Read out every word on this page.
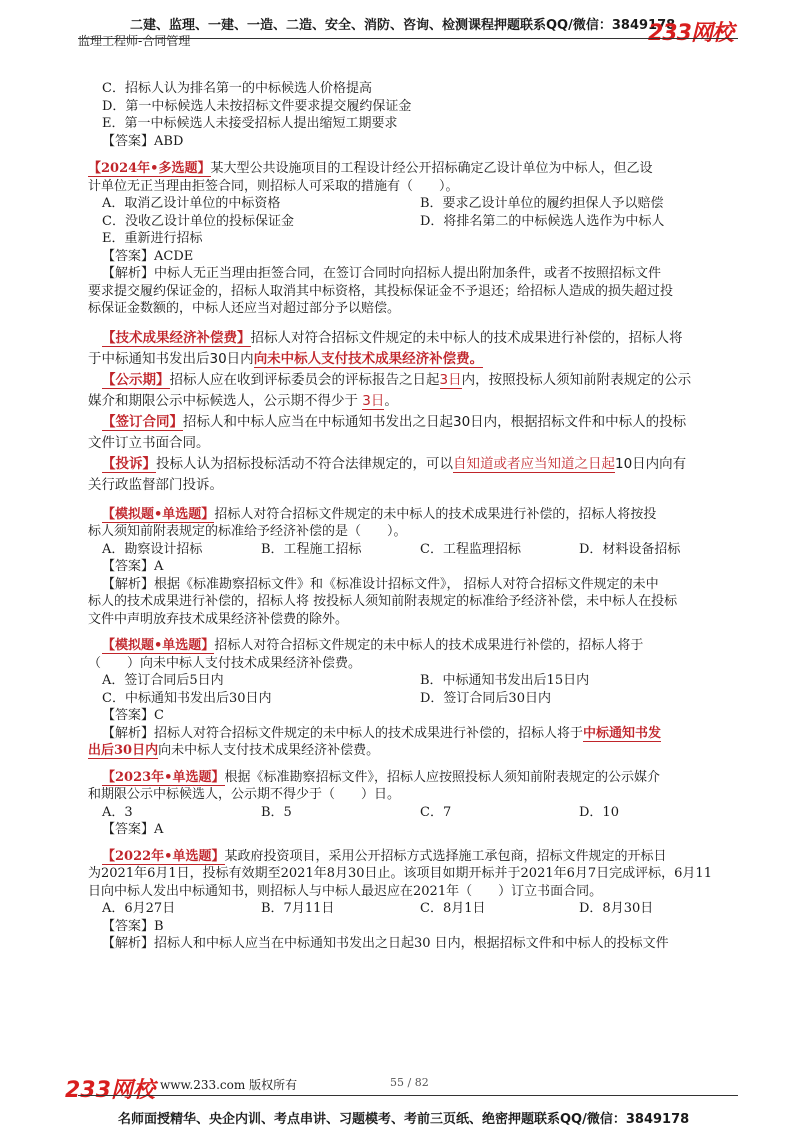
二建、监理、一建、一造、二造、安全、消防、咨询、检测课程押题联系QQ/微信：3849178
监理工程师-合同管理	233网校
C．招标人认为排名第一的中标候选人价格提高
D．第一中标候选人未按招标文件要求提交履约保证金
E．第一中标候选人未接受招标人提出缩短工期要求
【答案】ABD
【2024年•多选题】某大型公共设施项目的工程设计经公开招标确定乙设计单位为中标人，但乙设
计单位无正当理由拒签合同，则招标人可采取的措施有（　　）。
A．取消乙设计单位的中标资格	B．要求乙设计单位的履约担保人予以赔偿
C．没收乙设计单位的投标保证金	D．将排名第二的中标候选人选作为中标人
E．重新进行招标
【答案】ACDE
【解析】中标人无正当理由拒签合同，在签订合同时向招标人提出附加条件，或者不按照招标文件
要求提交履约保证金的，招标人取消其中标资格，其投标保证金不予退还；给招标人造成的损失超过投
标保证金数额的，中标人还应当对超过部分予以赔偿。
【技术成果经济补偿费】招标人对符合招标文件规定的未中标人的技术成果进行补偿的，招标人将
于中标通知书发出后30日内向未中标人支付技术成果经济补偿费。
【公示期】招标人应在收到评标委员会的评标报告之日起3日内，按照投标人须知前附表规定的公示
媒介和期限公示中标候选人，公示期不得少于 3日。
【签订合同】招标人和中标人应当在中标通知书发出之日起30日内，根据招标文件和中标人的投标
文件订立书面合同。
【投诉】投标人认为招标投标活动不符合法律规定的，可以自知道或者应当知道之日起10日内向有
关行政监督部门投诉。
【模拟题•单选题】招标人对符合招标文件规定的未中标人的技术成果进行补偿的，招标人将按投
标人须知前附表规定的标准给予经济补偿的是（　　）。
A．勘察设计招标	B．工程施工招标	C．工程监理招标	D．材料设备招标
【答案】A
【解析】根据《标准勘察招标文件》和《标准设计招标文件》， 招标人对符合招标文件规定的未中
标人的技术成果进行补偿的，招标人将 按投标人须知前附表规定的标准给予经济补偿，未中标人在投标
文件中声明放弃技术成果经济补偿费的除外。
【模拟题•单选题】招标人对符合招标文件规定的未中标人的技术成果进行补偿的，招标人将于
（　　）向未中标人支付技术成果经济补偿费。
A．签订合同后5日内	B．中标通知书发出后15日内
C．中标通知书发出后30日内	D．签订合同后30日内
【答案】C
【解析】招标人对符合招标文件规定的未中标人的技术成果进行补偿的，招标人将于中标通知书发
出后30日内向未中标人支付技术成果经济补偿费。
【2023年•单选题】根据《标准勘察招标文件》，招标人应按照投标人须知前附表规定的公示媒介
和期限公示中标候选人，公示期不得少于（　　）日。
A．3	B．5	C．7	D．10
【答案】A
【2022年•单选题】某政府投资项目，采用公开招标方式选择施工承包商，招标文件规定的开标日
为2021年6月1日，投标有效期至2021年8月30日止。该项目如期开标并于2021年6月7日完成评标，6月11
日向中标人发出中标通知书，则招标人与中标人最迟应在2021年（　　）订立书面合同。
A．6月27日	B．7月11日	C．8月1日	D．8月30日
【答案】B
【解析】招标人和中标人应当在中标通知书发出之日起30 日内，根据招标文件和中标人的投标文件
233网校 www.233.com 版权所有	55 / 82
名师面授精华、央企内训、考点串讲、习题模考、考前三页纸、绝密押题联系QQ/微信：3849178
